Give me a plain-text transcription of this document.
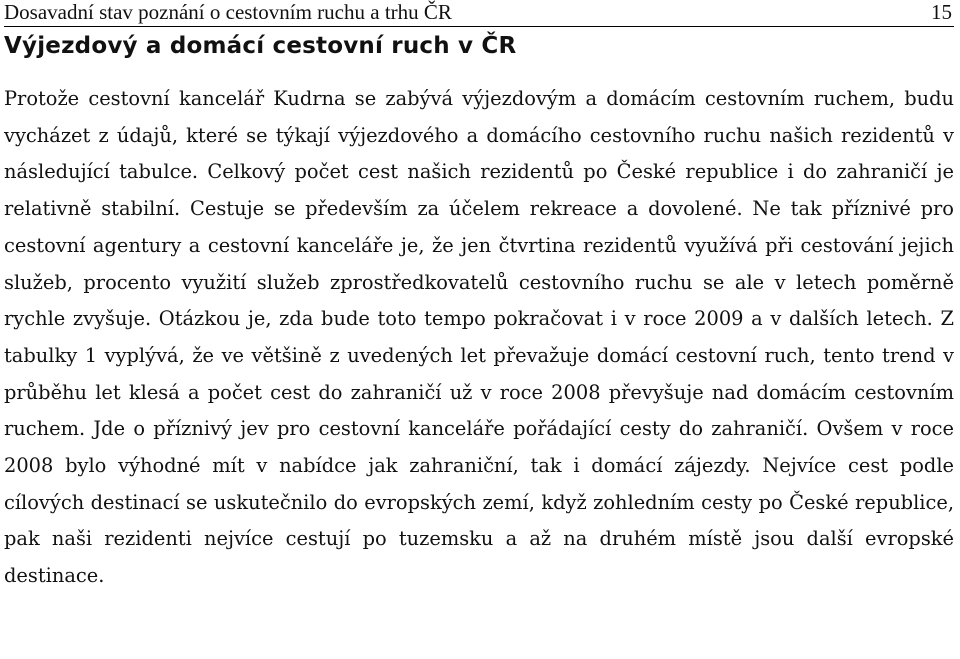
Dosavadní stav poznání o cestovním ruchu a trhu ČR	15
Výjezdový a domácí cestovní ruch v ČR

Protože cestovní kancelář Kudrna se zabývá výjezdovým a domácím cestovním ruchem, budu vycházet z údajů, které se týkají výjezdového a domácího cestovního ruchu našich rezidentů v následující tabulce. Celkový počet cest našich rezidentů po České republice i do zahraničí je relativně stabilní. Cestuje se především za účelem rekreace a dovolené. Ne tak příznivé pro cestovní agentury a cestovní kanceláře je, že jen čtvrtina rezidentů využívá při cestování jejich služeb, procento využití služeb zprostředkovatelů cestovního ruchu se ale v letech poměrně rychle zvyšuje. Otázkou je, zda bude toto tempo pokračovat i v roce 2009 a v dalších letech. Z tabulky 1 vyplývá, že ve většině z uvedených let převažuje domácí cestovní ruch, tento trend v průběhu let klesá a počet cest do zahraničí už v roce 2008 převyšuje nad domácím cestovním ruchem. Jde o příznivý jev pro cestovní kanceláře pořádající cesty do zahraničí. Ovšem v roce 2008 bylo výhodné mít v nabídce jak zahraniční, tak i domácí zájezdy. Nejvíce cest podle cílových destinací se uskutečnilo do evropských zemí, když zohledním cesty po České republice, pak naši rezidenti nejvíce cestují po tuzemsku a až na druhém místě jsou další evropské destinace.
